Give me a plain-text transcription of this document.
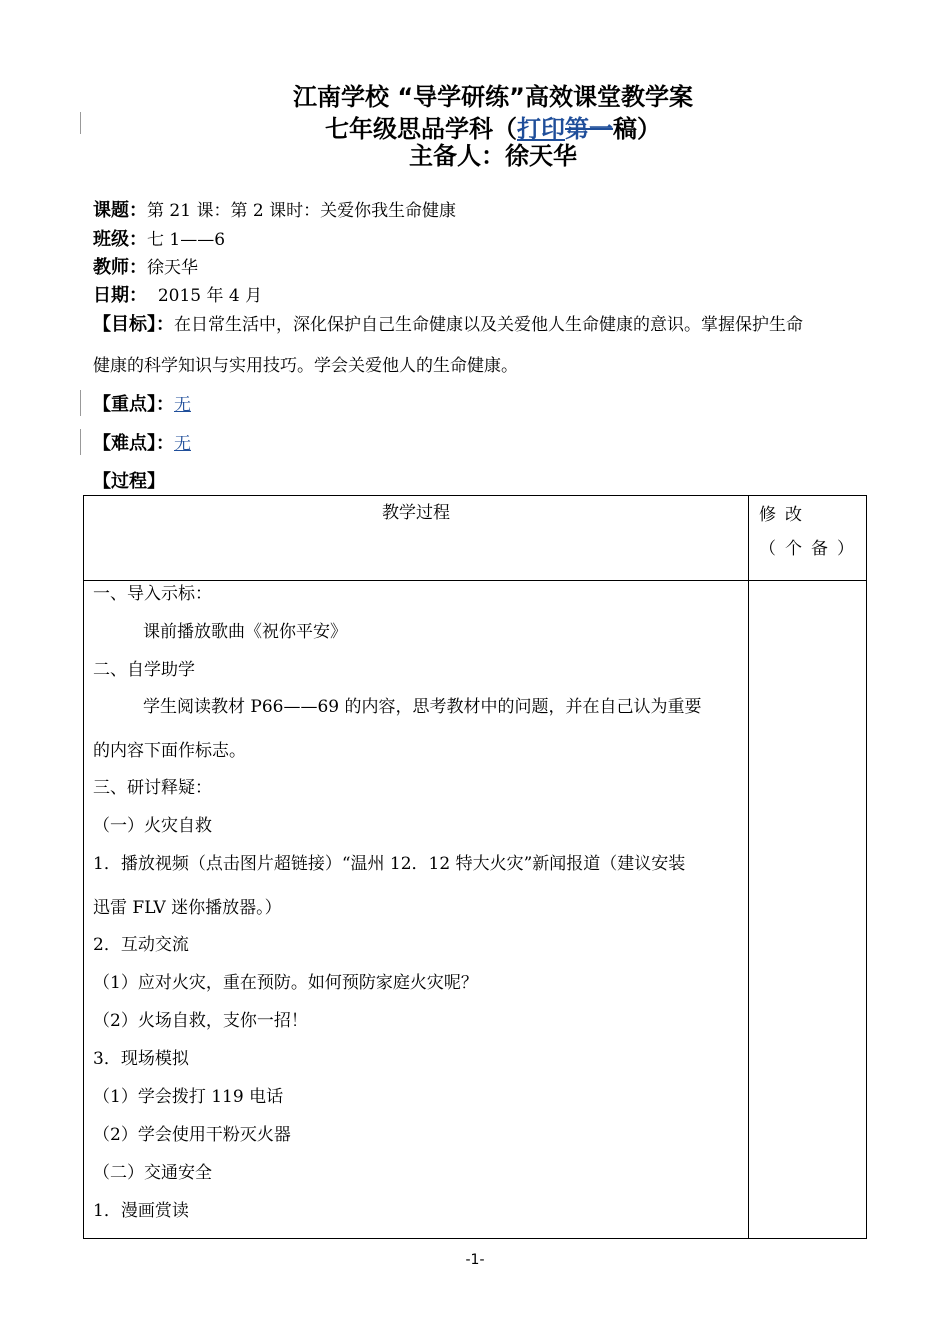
江南学校 “导学研练”高效课堂教学案
七年级思品学科（打印第一稿）
主备人：徐天华
课题：第 21 课：第 2 课时：关爱你我生命健康
班级：七 1——6
教师：徐天华
日期： 2015 年 4 月

【目标】：在日常生活中，深化保护自己生命健康以及关爱他人生命健康的意识。掌握保护生命

健康的科学知识与实用技巧。学会关爱他人的生命健康。

【重点】：无
【难点】：无
【过程】
教学过程	修改（个备）

一、导入示标：
课前播放歌曲《祝你平安》
二、自学助学
学生阅读教材 P66——69 的内容，思考教材中的问题，并在自己认为重要
的内容下面作标志。
三、研讨释疑：
（一）火灾自救
1．播放视频（点击图片超链接）“温州 12．12 特大火灾”新闻报道（建议安装
迅雷 FLV 迷你播放器。）
2．互动交流
（1）应对火灾，重在预防。如何预防家庭火灾呢？
（2）火场自救，支你一招！
3．现场模拟
（1）学会拨打 119 电话
（2）学会使用干粉灭火器
（二）交通安全
1．漫画赏读
-1-
